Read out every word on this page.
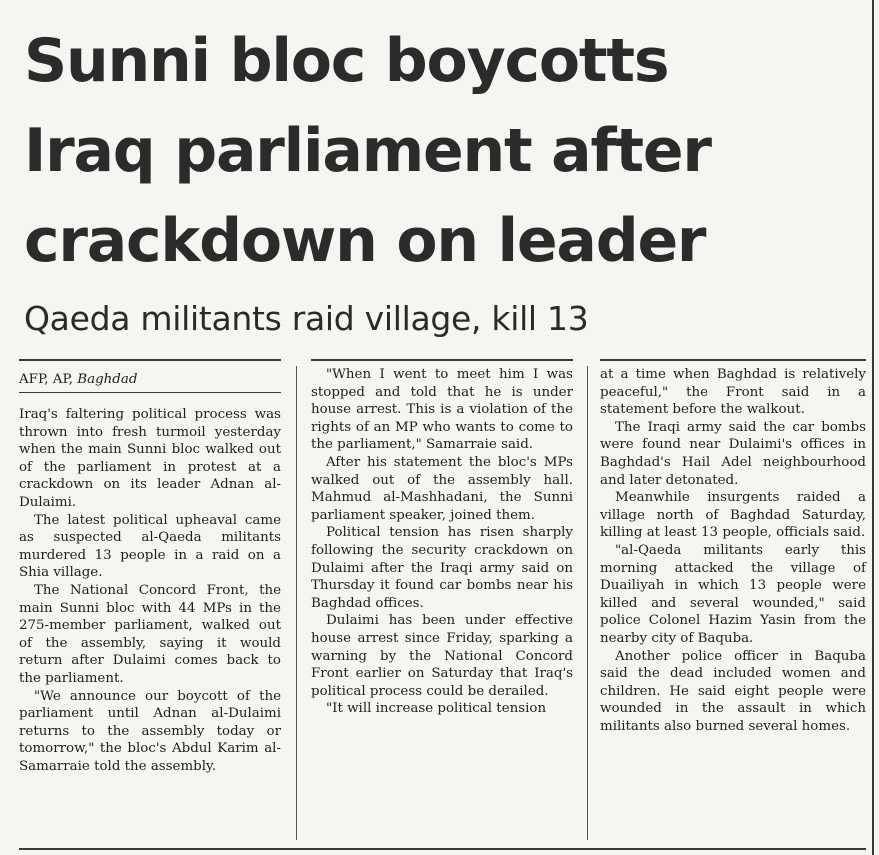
Sunni bloc boycotts
Iraq parliament after
crackdown on leader
Qaeda militants raid village, kill 13
AFP, AP, Baghdad

Iraq's faltering political process was thrown into fresh turmoil yesterday when the main Sunni bloc walked out of the parliament in protest at a crackdown on its leader Adnan al-Dulaimi.

The latest political upheaval came as suspected al-Qaeda militants murdered 13 people in a raid on a Shia village.

The National Concord Front, the main Sunni bloc with 44 MPs in the 275-member parliament, walked out of the assembly, saying it would return after Dulaimi comes back to the parliament.

"We announce our boycott of the parliament until Adnan al-Dulaimi returns to the assembly today or tomorrow," the bloc's Abdul Karim al-Samarraie told the assembly.

"When I went to meet him I was stopped and told that he is under house arrest. This is a violation of the rights of an MP who wants to come to the parliament," Samarraie said.

After his statement the bloc's MPs walked out of the assembly hall. Mahmud al-Mashhadani, the Sunni parliament speaker, joined them.

Political tension has risen sharply following the security crackdown on Dulaimi after the Iraqi army said on Thursday it found car bombs near his Baghdad offices.

Dulaimi has been under effective house arrest since Friday, sparking a warning by the National Concord Front earlier on Saturday that Iraq's political process could be derailed.

"It will increase political tension

at a time when Baghdad is relatively peaceful," the Front said in a statement before the walkout.

The Iraqi army said the car bombs were found near Dulaimi's offices in Baghdad's Hail Adel neighbourhood and later detonated.

Meanwhile insurgents raided a village north of Baghdad Saturday, killing at least 13 people, officials said.

"al-Qaeda militants early this morning attacked the village of Duailiyah in which 13 people were killed and several wounded," said police Colonel Hazim Yasin from the nearby city of Baquba.

Another police officer in Baquba said the dead included women and children. He said eight people were wounded in the assault in which militants also burned several homes.
